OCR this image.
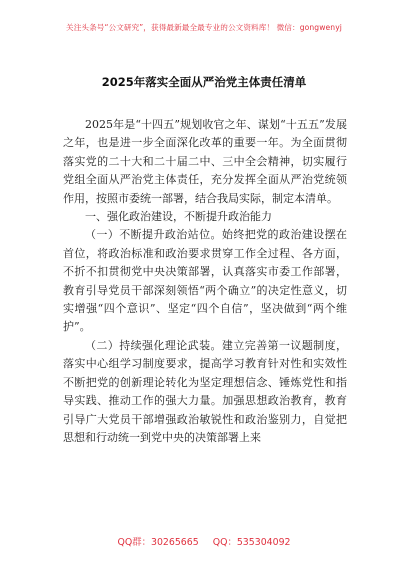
关注头条号“公文研究”，获得最新最全最专业的公文资料库！ 微信：gongwenyj
2025年落实全面从严治党主体责任清单

2025年是“十四五”规划收官之年、谋划“十五五”发展之年，也是进一步全面深化改革的重要一年。为全面贯彻落实党的二十大和二十届二中、三中全会精神，切实履行党组全面从严治党主体责任，充分发挥全面从严治党统领作用，按照市委统一部署，结合我局实际，制定本清单。

一、强化政治建设，不断提升政治能力

（一）不断提升政治站位。始终把党的政治建设摆在首位，将政治标准和政治要求贯穿工作全过程、各方面，不折不扣贯彻党中央决策部署，认真落实市委工作部署，教育引导党员干部深刻领悟“两个确立”的决定性意义，切实增强“四个意识”、坚定“四个自信”，坚决做到“两个维护”。

（二）持续强化理论武装。建立完善第一议题制度，落实中心组学习制度要求，提高学习教育针对性和实效性不断把党的创新理论转化为坚定理想信念、锤炼党性和指导实践、推动工作的强大力量。加强思想政治教育，教育引导广大党员干部增强政治敏锐性和政治鉴别力，自觉把思想和行动统一到党中央的决策部署上来

QQ群：30265665 QQ：535304092
